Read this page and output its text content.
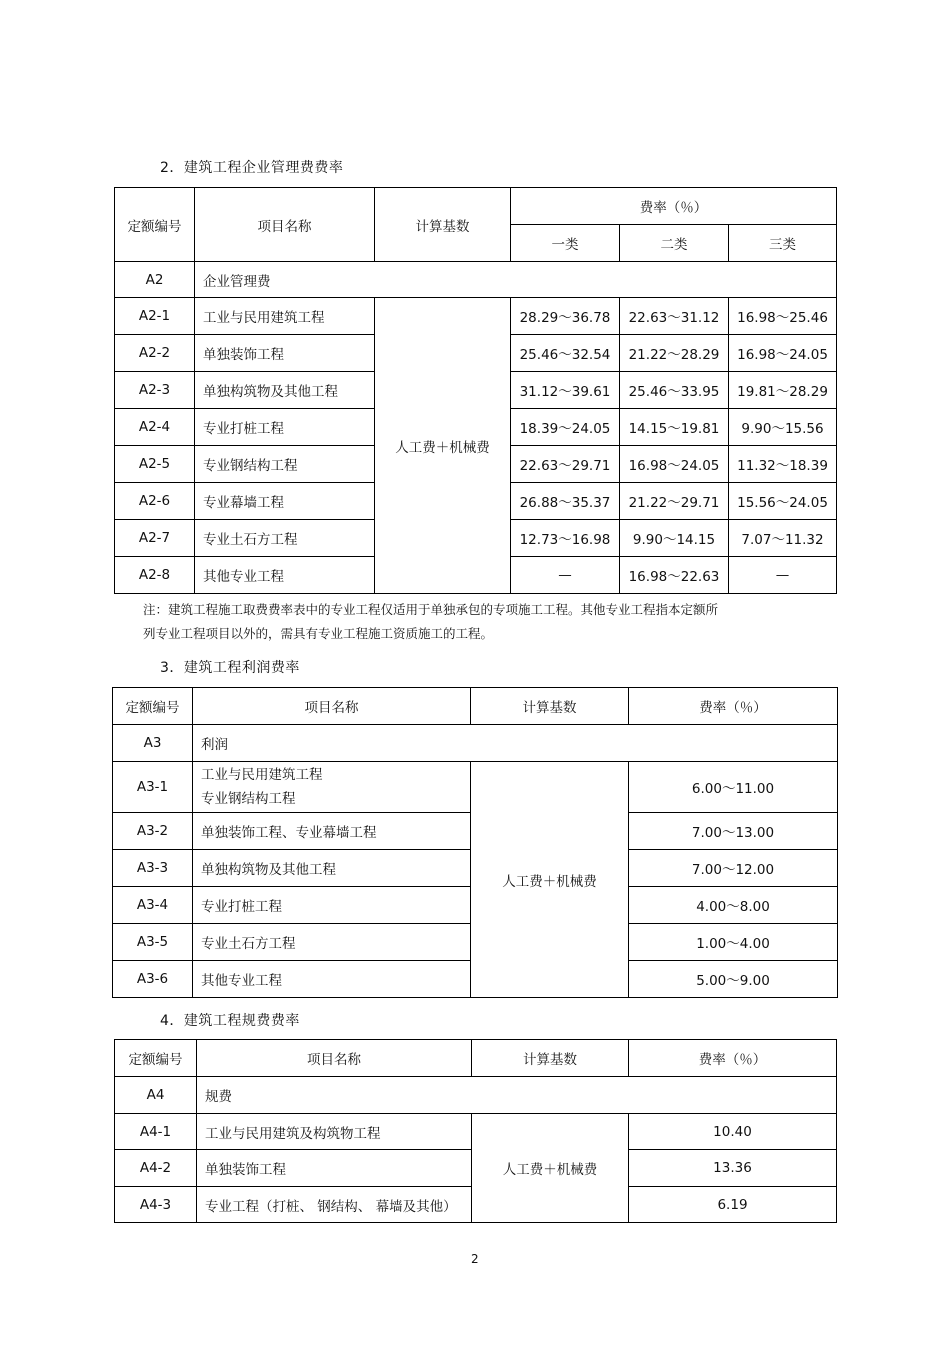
2．建筑工程企业管理费费率
定额编号	项目名称	计算基数	费率（％）		
			一类	二类	三类
A2	企业管理费				
A2-1	工业与民用建筑工程	人工费＋机械费	28.29～36.78	22.63～31.12	16.98～25.46
A2-2	单独装饰工程		25.46～32.54	21.22～28.29	16.98～24.05
A2-3	单独构筑物及其他工程		31.12～39.61	25.46～33.95	19.81～28.29
A2-4	专业打桩工程		18.39～24.05	14.15～19.81	9.90～15.56
A2-5	专业钢结构工程		22.63～29.71	16.98～24.05	11.32～18.39
A2-6	专业幕墙工程		26.88～35.37	21.22～29.71	15.56～24.05
A2-7	专业土石方工程		12.73～16.98	9.90～14.15	7.07～11.32
A2-8	其他专业工程		—	16.98～22.63	—
注：建筑工程施工取费费率表中的专业工程仅适用于单独承包的专项施工工程。其他专业工程指本定额所
列专业工程项目以外的，需具有专业工程施工资质施工的工程。
3．建筑工程利润费率
定额编号	项目名称	计算基数	费率（％）
A3	利润		
A3-1	工业与民用建筑工程
专业钢结构工程	人工费＋机械费	6.00～11.00
A3-2	单独装饰工程、专业幕墙工程		7.00～13.00
A3-3	单独构筑物及其他工程		7.00～12.00
A3-4	专业打桩工程		4.00～8.00
A3-5	专业土石方工程		1.00～4.00
A3-6	其他专业工程		5.00～9.00
4．建筑工程规费费率
定额编号	项目名称	计算基数	费率（％）
A4	规费		
A4-1	工业与民用建筑及构筑物工程	人工费＋机械费	10.40
A4-2	单独装饰工程		13.36
A4-3	专业工程（打桩、 钢结构、 幕墙及其他）		6.19
2
